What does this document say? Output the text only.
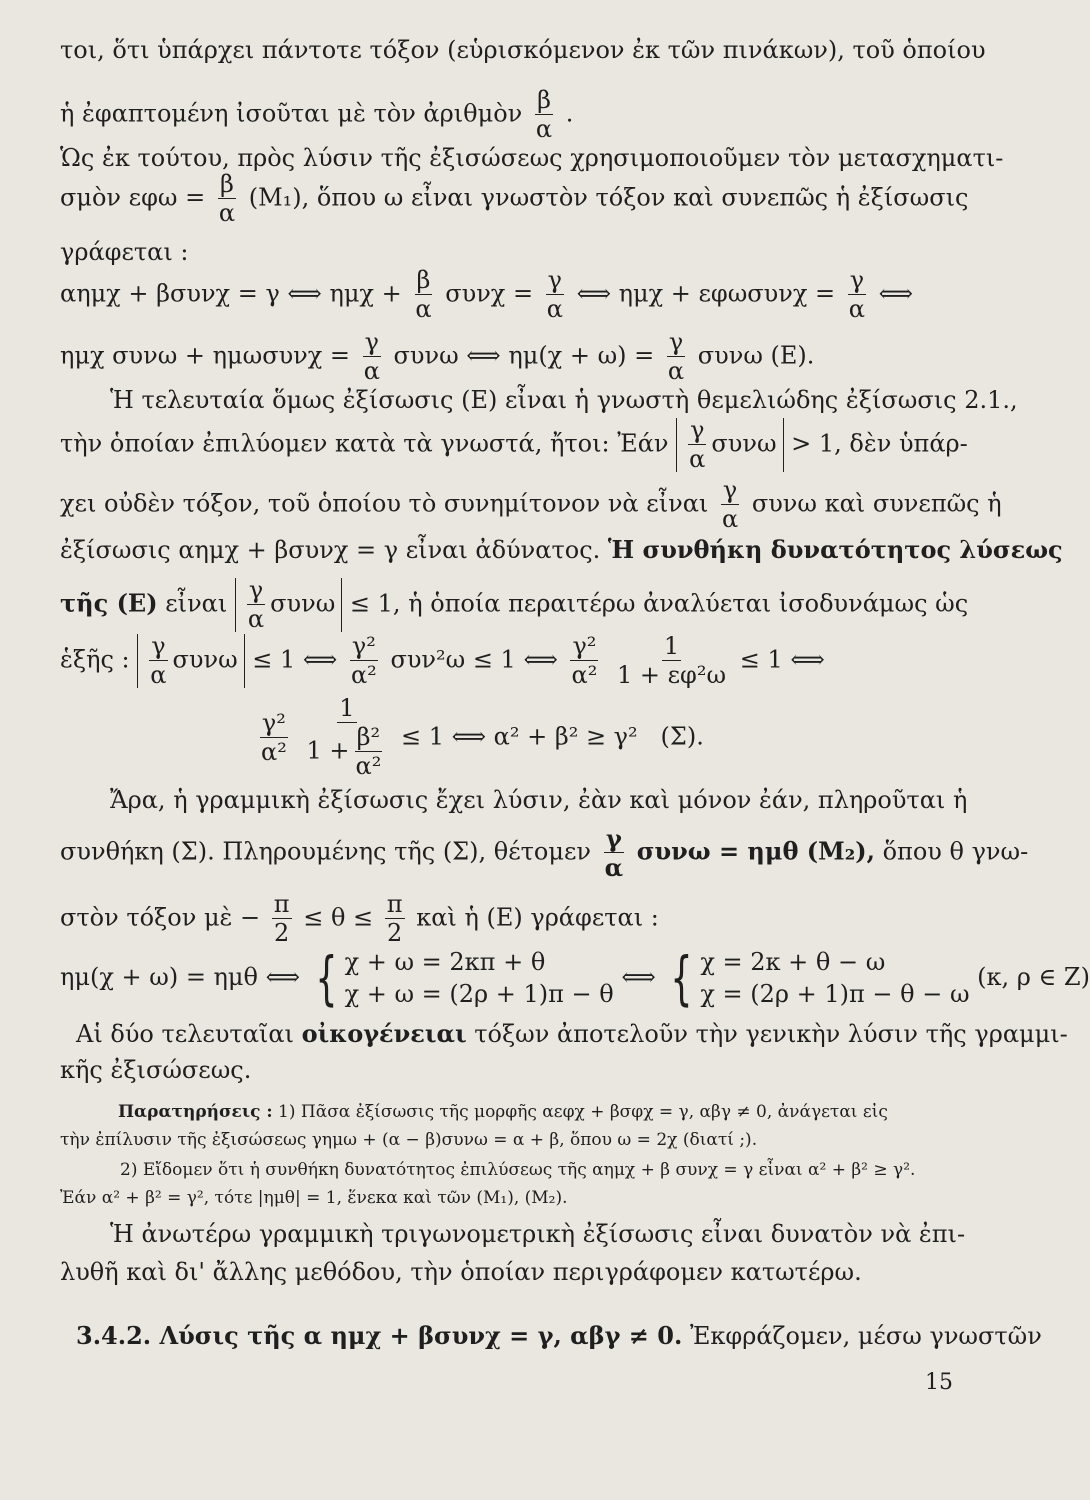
τοι, ὅτι ὑπάρχει πάντοτε τόξον (εὑρισκόμενον ἐκ τῶν πινάκων), τοῦ ὁποίου
ἡ ἐφαπτομένη ἰσοῦται μὲ τὸν ἀριθμὸν $\frac{\beta}{\alpha}$ .
Ὡς ἐκ τούτου, πρὸς λύσιν τῆς ἐξισώσεως χρησιμοποιοῦμεν τὸν μετασχηματι-
σμὸν $\varepsilon\varphi\omega = \frac{\beta}{\alpha} (M_1)$, ὅπου ω εἶναι γνωστὸν τόξον καὶ συνεπῶς ἡ ἐξίσωσις
γράφεται :
αημχ + βσυνχ = γ ⟺ $\eta\mu\chi + \frac{\beta}{\alpha}$ $\sigma\upsilon\nu\chi = \frac{\gamma}{\alpha}$ ⟺ $\eta\mu\chi + \varepsilon\varphi\omega\sigma\upsilon\nu\chi = \frac{\gamma}{\alpha}$ ⟺
ημχ $\sigma\upsilon\nu\omega + \eta\mu\omega\sigma\upsilon\nu\chi = \frac{\gamma}{\alpha}$ συνω ⟺ $\eta\mu(\chi + \omega) = \frac{\gamma}{\alpha}$ συνω (E).
Ἡ τελευταία ὅμως ἐξίσωσις (E) εἶναι ἡ γνωστὴ θεμελιώδης ἐξίσωσις 2.1.,
τὴν ὁποίαν ἐπιλύομεν κατὰ τὰ γνωστά, ἤτοι: Ἐάν $\frac{\gamma}{\alpha}$ συνω > 1, δὲν ὑπάρ-
χει οὐδὲν τόξον, τοῦ ὁποίου τὸ συνημίτονον νὰ εἶναι $\frac{\gamma}{\alpha}$ συνω καὶ συνεπῶς ἡ
ἐξίσωσις αημχ + βσυνχ = γ εἶναι ἀδύνατος. Ἡ συνθήκη δυνατότητος λύσεως
τῆς (E) εἶναι $\frac{\gamma}{\alpha}$ συνω ≤ 1, ἡ ὁποία περαιτέρω ἀναλύεται ἰσοδυνάμως ὡς
ἑξῆς : $\frac{\gamma}{\alpha}$ συνω ≤ 1 ⟺ $\frac{\text{γ²}}{\text{α²}} \sigma\upsilon\nu^2\omega \le 1$ ⟺ $\frac{\text{γ²}}{\text{α²}}$
$\frac{1}{\text{1 + εφ²ω}} \le 1$ ⟺
$\frac{\text{γ²}}{\text{α²}}$
$\frac{1}{1 + \frac{\text{β²}}{\text{α²}}} \le 1$ ⟺ α² + β² ≥ γ² (Σ).
Ἄρα, ἡ γραμμικὴ ἐξίσωσις ἔχει λύσιν, ἐὰν καὶ μόνον ἐάν, πληροῦται ἡ
συνθήκη (Σ). Πληρουμένης τῆς (Σ), θέτομεν $\frac{\gamma}{\alpha}$ συνω = ημθ (M₂), ὅπου θ γνω-
στὸν τόξον μὲ − $\frac{\pi}{2} \le \theta \le \frac{\pi}{2}$ καὶ ἡ (E) γράφεται :
ημ(χ + ω) = ημθ ⟺ { χ + ω = 2κπ + θ
χ + ω = (2ρ + 1)π − θ
⟺ { χ = 2κ + θ − ω
χ = (2ρ + 1)π − θ − ω
(κ, ρ ∈ Z)
Αἱ δύο τελευταῖαι οἰκογένειαι τόξων ἀποτελοῦν τὴν γενικὴν λύσιν τῆς γραμμι-
κῆς ἐξισώσεως.
Παρατηρήσεις : 1) Πᾶσα ἐξίσωσις τῆς μορφῆς αεφχ + βσφχ = γ, αβγ ≠ 0, ἀνάγεται εἰς
τὴν ἐπίλυσιν τῆς ἐξισώσεως γημω + (α − β)συνω = α + β, ὅπου ω = 2χ (διατί ;).
2) Εἴδομεν ὅτι ἡ συνθήκη δυνατότητος ἐπιλύσεως τῆς αημχ + β συνχ = γ εἶναι α² + β² ≥ γ².
Ἐάν α² + β² = γ², τότε |ημθ| = 1, ἕνεκα καὶ τῶν (M₁), (M₂).
Ἡ ἀνωτέρω γραμμικὴ τριγωνομετρικὴ ἐξίσωσις εἶναι δυνατὸν νὰ ἐπι-
λυθῆ καὶ δι' ἄλλης μεθόδου, τὴν ὁποίαν περιγράφομεν κατωτέρω.
3.4.2. Λύσις τῆς α ημχ + βσυνχ = γ, αβγ ≠ 0. Ἐκφράζομεν, μέσω γνωστῶν
15
